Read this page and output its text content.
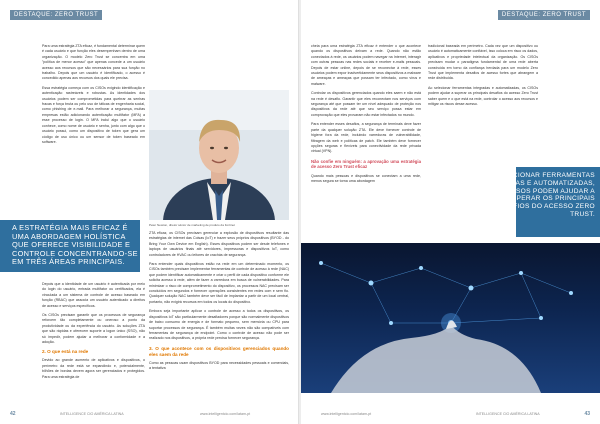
DESTAQUE: ZERO TRUST

Para uma estratégia ZTA eficaz, é fundamental determinar quem é cada usuário e que função eles desempenham dentro de uma organização. O modelo Zero Trust se concentra em uma "política de menor acesso" que apenas concede a um usuário acesso aos recursos que são necessários para sua função no trabalho. Depois que um usuário é identificado, o acesso é concedido apenas aos recursos dos quais ele precisa.

Essa estratégia começa com os CISOs exigindo identificação e autenticação rastreáveis e robustas. As identidades dos usuários podem ser comprometidas para quebrar as senhas fracas e força bruta ou pelo uso de táticas de engenharia social, como phishing de e-mail. Para melhorar a segurança, muitas empresas estão adicionando autenticação multifator (MFA) a esse processo de login. O MFA inclui algo que o usuário conhece, como nome de usuário e senha, junto com algo que o usuário possui, como um dispositivo de token que gera um código de uso único ou um sensor de token baseado em software.

Peter Newton, diretor sênior de marketing de produto da Fortinet

ZTA eficaz, os CISOs precisam gerenciar a explosão de dispositivos resultante das estratégias de internet das Coisas (IoT) e trazer seus próprios dispositivos (BYOD - do Bring Your Own Device em English). Esses dispositivos podem ser desde telefones e laptops de usuários finais até servidores, impressoras e dispositivos IoT, como controladores de HVAC ou leitores de crachás de segurança.

Para entender quais dispositivos estão na rede em um determinado momento, os CISOs também precisam implementar ferramentas de controle de acesso à rede (NAC) que podem identificar automaticamente e criar o perfil de cada dispositivo conforme ele solicita acesso à rede, além de fazer a varredura em busca de vulnerabilidades. Para minimizar o risco de comprometimento do dispositivo, os processos NAC precisam ser concluídos em segundos e fornecer operações consistentes em redes com e sem fio. Qualquer solução NAC também deve ser fácil de implantar a partir de um local central, portanto, não exigirá recursos em todos os locais do dispositivo.

Embora seja importante aplicar o controle de acesso a todos os dispositivos, os dispositivos IoT são particularmente desafiadores porque são normalmente dispositivos de baixo consumo de energia e de formato pequeno, sem memória ou CPU para suportar processos de segurança. É também muitas vezes não são compatíveis com ferramentas de segurança de endpoint. Como o controle de acesso não pode ser realizado nos dispositivos, a própria rede precisa fornecer segurança.

3. O que acontece com os dispositivos gerenciados quando eles saem da rede

Como as pessoas usam dispositivos BYOD para necessidades pessoais e comerciais, a tentativa

A ESTRATÉGIA MAIS EFICAZ É UMA ABORDAGEM HOLÍSTICA QUE OFERECE VISIBILIDADE E CONTROLE CONCENTRANDO-SE EM TRÊS ÁREAS PRINCIPAIS.

Depois que a identidade de um usuário é autenticada por meio do login do usuário, entrada multifator ou certificados, ela é vinculada a um sistema de controle de acesso baseado em função (RBAC) que associa um usuário autenticado a direitos de acesso e serviços específicos.

Os CISOs precisam garantir que os processos de segurança reforcem tão completamente ou oneroso a ponto da produtividade ou da experiência do usuário. As soluções ZTA que são rápidas e oferecem suporte a logon único (SSO), não só impedir, podem ajudar a melhorar a conformidade e a adoção.

2. O que está na rede

Devido ao grande aumento de aplicativos e dispositivos, o perímetro da rede está se expandindo e, potencialmente, bilhões de bordas devem agora ser gerenciados e protegidos. Para uma estratégia de

42	INTELLIGENCE CIO AMÉRICA LATINA	www.intelligentcio.com/latam-pt
DESTAQUE: ZERO TRUST

cheia para uma estratégia ZTA eficaz é entender o que acontece quando os dispositivos deixam a rede. Quando não estão conectados à rede, os usuários podem navegar na Internet, interagir com outras pessoas nas redes sociais e receber e-mails pessoais. Depois de estar online, depois de se reconectar à rede, esses usuários podem expor inadvertidamente seus dispositivos a malware de ameaças e ameaças que possam ter infectado, como vírus e malware.

Controlar os dispositivos gerenciados quando eles saem e não está na rede é desafio. Garantir que eles reconectam nos serviços com segurança até que possam ter um nível adequado de proteção nos dispositivos da rede até que seu serviço possa estar em comprovação que eles provaram não estar infectados no mundo.

Para entender esses desafios, a segurança de terminais deve fazer parte da qualquer solução ZTA. Ele deve fornecer controle de higiene fora da rede, incluindo varreduras de vulnerabilidade, filtragem da web e políticas de patch. Ele também deve fornecer opções seguras e flexíveis para conectividade da rede privada virtual (VPN).

Não confie em ninguém: a aprovação uma estratégia de acesso Zero Trust eficaz

Quando mais pessoas e dispositivos se conectam a uma rede, menos segura se torna uma abordagem

tradicional baseada em perímetro. Cada vez que um dispositivo ou usuário é automaticamente confiável, isso coloca em risco os dados, aplicativos e propriedade intelectual da organização. Os CISOs precisam mudar o paradigma fundamental de uma rede aberta construída em torno da confiança herdada para um modelo Zero Trust que implementa desafios de acesso fortes que abrangem a rede distribuída.

Ao selecionar ferramentas integradas e automatizadas, os CISOs podem ajudar a superar os principais desafios do acesso Zero Trust saber quem e o que está na rede, controlar o acesso aos recursos e mitigar os riscos desse acesso.

AO SELECIONAR FERRAMENTAS INTEGRADAS E AUTOMATIZADAS, OS CISOS PODEM AJUDAR A SUPERAR OS PRINCIPAIS DESAFIOS DO ACESSO ZERO TRUST.
www.intelligentcio.com/latam-pt	INTELLIGENCE CIO AMÉRICA LATINA	43
